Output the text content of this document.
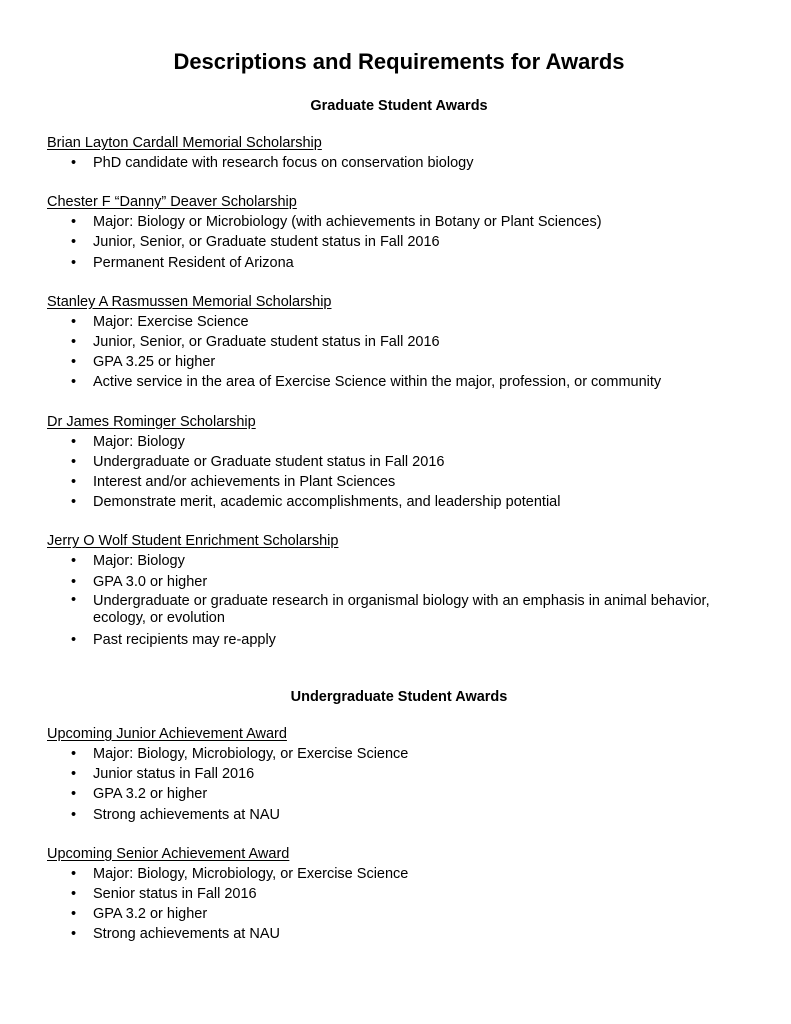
Descriptions and Requirements for Awards
Graduate Student Awards
Brian Layton Cardall Memorial Scholarship
• PhD candidate with research focus on conservation biology
Chester F “Danny” Deaver Scholarship
• Major: Biology or Microbiology (with achievements in Botany or Plant Sciences)
• Junior, Senior, or Graduate student status in Fall 2016
• Permanent Resident of Arizona
Stanley A Rasmussen Memorial Scholarship
• Major: Exercise Science
• Junior, Senior, or Graduate student status in Fall 2016
• GPA 3.25 or higher
• Active service in the area of Exercise Science within the major, profession, or community
Dr James Rominger Scholarship
• Major: Biology
• Undergraduate or Graduate student status in Fall 2016
• Interest and/or achievements in Plant Sciences
• Demonstrate merit, academic accomplishments, and leadership potential
Jerry O Wolf Student Enrichment Scholarship
• Major: Biology
• GPA 3.0 or higher
• Undergraduate or graduate research in organismal biology with an emphasis in animal behavior, ecology, or evolution
• Past recipients may re-apply
Undergraduate Student Awards
Upcoming Junior Achievement Award
• Major: Biology, Microbiology, or Exercise Science
• Junior status in Fall 2016
• GPA 3.2 or higher
• Strong achievements at NAU
Upcoming Senior Achievement Award
• Major: Biology, Microbiology, or Exercise Science
• Senior status in Fall 2016
• GPA 3.2 or higher
• Strong achievements at NAU
